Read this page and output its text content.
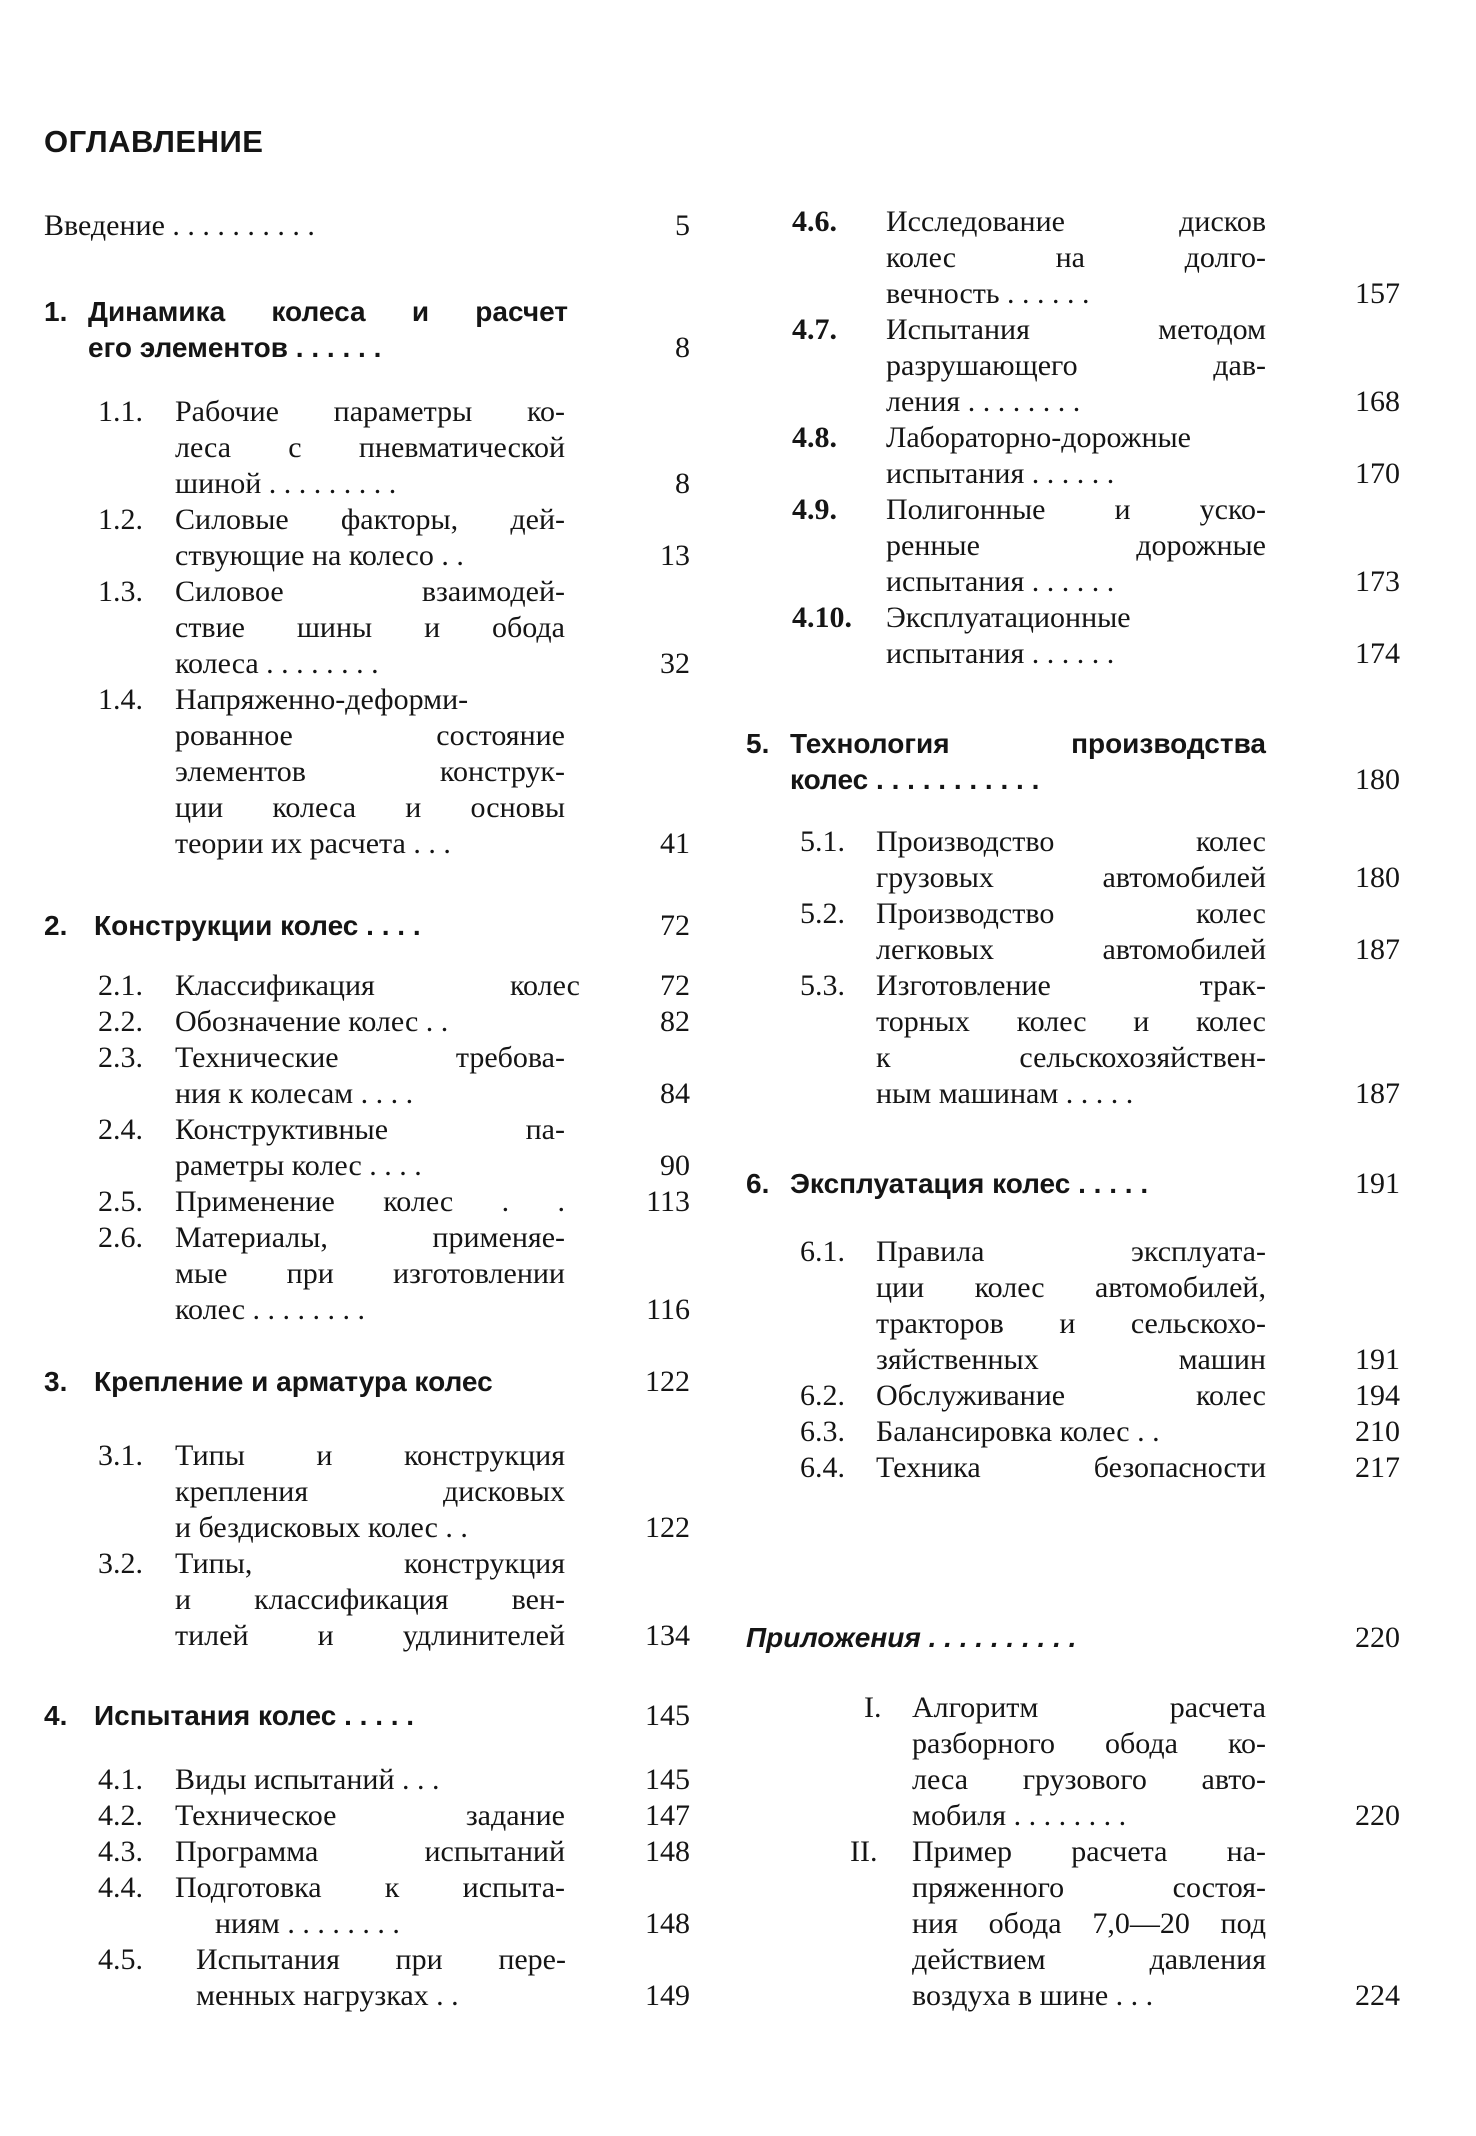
ОГЛАВЛЕНИЕ
Введение . . . . . . . . . .	5
1. Динамика колеса и расчет
его элементов . . . . . .	8
1.1. Рабочие параметры ко-
леса с пневматической
шиной . . . . . . . . .	8
1.2. Силовые факторы, дей-
ствующие на колесо . .	13
1.3. Силовое взаимодей-
ствие шины и обода
колеса . . . . . . . .	32
1.4. Напряженно-деформи-
рованное состояние
элементов конструк-
ции колеса и основы
теории их расчета . . .	41
2. Конструкции колес . . . .	72
2.1. Классификация колес	72
2.2. Обозначение колес . .	82
2.3. Технические требова-
ния к колесам . . . .	84
2.4. Конструктивные па-
раметры колес . . . .	90
2.5. Применение колес . .	113
2.6. Материалы, применяе-
мые при изготовлении
колес . . . . . . . .	116
3. Крепление и арматура колес	122
3.1. Типы и конструкция
крепления дисковых
и бездисковых колес . .	122
3.2. Типы, конструкция
и классификация вен-
тилей и удлинителей	134
4. Испытания колес . . . . .	145
4.1. Виды испытаний . . .	145
4.2. Техническое задание	147
4.3. Программа испытаний	148
4.4. Подготовка к испыта-
ниям . . . . . . . .	148
4.5. Испытания при пере-
менных нагрузках . .	149
4.6. Исследование дисков
колес на долго-
вечность . . . . . .	157
4.7. Испытания методом
разрушающего дав-
ления . . . . . . . .	168
4.8. Лабораторно-дорожные
испытания . . . . . .	170
4.9. Полигонные и уско-
ренные дорожные
испытания . . . . . .	173
4.10. Эксплуатационные
испытания . . . . . .	174
5. Технология производства
колес . . . . . . . . . . .	180
5.1. Производство колес
грузовых автомобилей	180
5.2. Производство колес
легковых автомобилей	187
5.3. Изготовление трак-
торных колес и колес
к сельскохозяйствен-
ным машинам . . . . .	187
6. Эксплуатация колес . . . . .	191
6.1. Правила эксплуата-
ции колес автомобилей,
тракторов и сельскохо-
зяйственных машин	191
6.2. Обслуживание колес	194
6.3. Балансировка колес . .	210
6.4. Техника безопасности	217
Приложения . . . . . . . . . .	220
I. Алгоритм расчета
разборного обода ко-
леса грузового авто-
мобиля . . . . . . . .	220
II. Пример расчета на-
пряженного состоя-
ния обода 7,0—20 под
действием давления
воздуха в шине . . .	224
